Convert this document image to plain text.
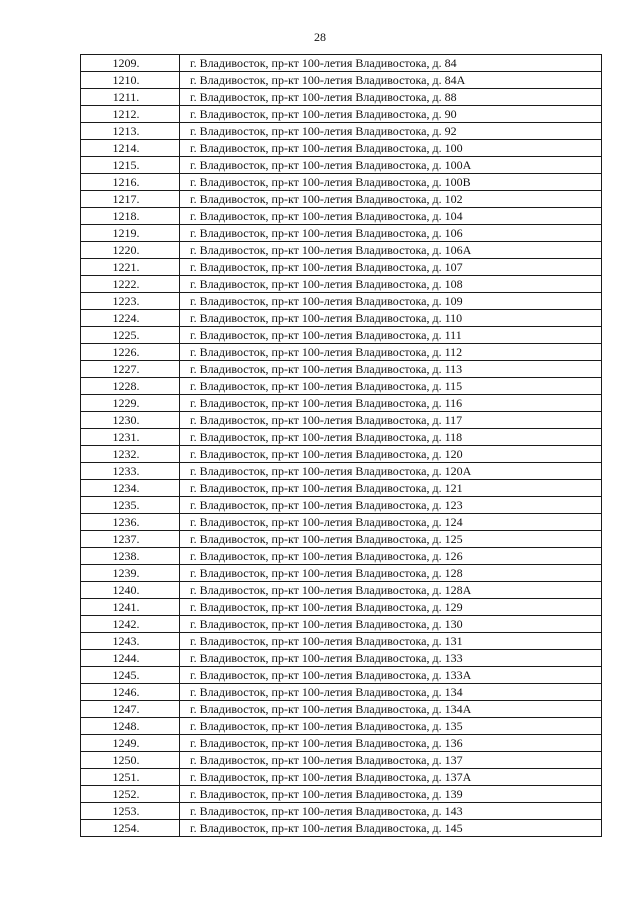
28
1209.	г. Владивосток, пр-кт 100-летия Владивостока, д. 84
1210.	г. Владивосток, пр-кт 100-летия Владивостока, д. 84А
1211.	г. Владивосток, пр-кт 100-летия Владивостока, д. 88
1212.	г. Владивосток, пр-кт 100-летия Владивостока, д. 90
1213.	г. Владивосток, пр-кт 100-летия Владивостока, д. 92
1214.	г. Владивосток, пр-кт 100-летия Владивостока, д. 100
1215.	г. Владивосток, пр-кт 100-летия Владивостока, д. 100А
1216.	г. Владивосток, пр-кт 100-летия Владивостока, д. 100В
1217.	г. Владивосток, пр-кт 100-летия Владивостока, д. 102
1218.	г. Владивосток, пр-кт 100-летия Владивостока, д. 104
1219.	г. Владивосток, пр-кт 100-летия Владивостока, д. 106
1220.	г. Владивосток, пр-кт 100-летия Владивостока, д. 106А
1221.	г. Владивосток, пр-кт 100-летия Владивостока, д. 107
1222.	г. Владивосток, пр-кт 100-летия Владивостока, д. 108
1223.	г. Владивосток, пр-кт 100-летия Владивостока, д. 109
1224.	г. Владивосток, пр-кт 100-летия Владивостока, д. 110
1225.	г. Владивосток, пр-кт 100-летия Владивостока, д. 111
1226.	г. Владивосток, пр-кт 100-летия Владивостока, д. 112
1227.	г. Владивосток, пр-кт 100-летия Владивостока, д. 113
1228.	г. Владивосток, пр-кт 100-летия Владивостока, д. 115
1229.	г. Владивосток, пр-кт 100-летия Владивостока, д. 116
1230.	г. Владивосток, пр-кт 100-летия Владивостока, д. 117
1231.	г. Владивосток, пр-кт 100-летия Владивостока, д. 118
1232.	г. Владивосток, пр-кт 100-летия Владивостока, д. 120
1233.	г. Владивосток, пр-кт 100-летия Владивостока, д. 120А
1234.	г. Владивосток, пр-кт 100-летия Владивостока, д. 121
1235.	г. Владивосток, пр-кт 100-летия Владивостока, д. 123
1236.	г. Владивосток, пр-кт 100-летия Владивостока, д. 124
1237.	г. Владивосток, пр-кт 100-летия Владивостока, д. 125
1238.	г. Владивосток, пр-кт 100-летия Владивостока, д. 126
1239.	г. Владивосток, пр-кт 100-летия Владивостока, д. 128
1240.	г. Владивосток, пр-кт 100-летия Владивостока, д. 128А
1241.	г. Владивосток, пр-кт 100-летия Владивостока, д. 129
1242.	г. Владивосток, пр-кт 100-летия Владивостока, д. 130
1243.	г. Владивосток, пр-кт 100-летия Владивостока, д. 131
1244.	г. Владивосток, пр-кт 100-летия Владивостока, д. 133
1245.	г. Владивосток, пр-кт 100-летия Владивостока, д. 133А
1246.	г. Владивосток, пр-кт 100-летия Владивостока, д. 134
1247.	г. Владивосток, пр-кт 100-летия Владивостока, д. 134А
1248.	г. Владивосток, пр-кт 100-летия Владивостока, д. 135
1249.	г. Владивосток, пр-кт 100-летия Владивостока, д. 136
1250.	г. Владивосток, пр-кт 100-летия Владивостока, д. 137
1251.	г. Владивосток, пр-кт 100-летия Владивостока, д. 137А
1252.	г. Владивосток, пр-кт 100-летия Владивостока, д. 139
1253.	г. Владивосток, пр-кт 100-летия Владивостока, д. 143
1254.	г. Владивосток, пр-кт 100-летия Владивостока, д. 145
